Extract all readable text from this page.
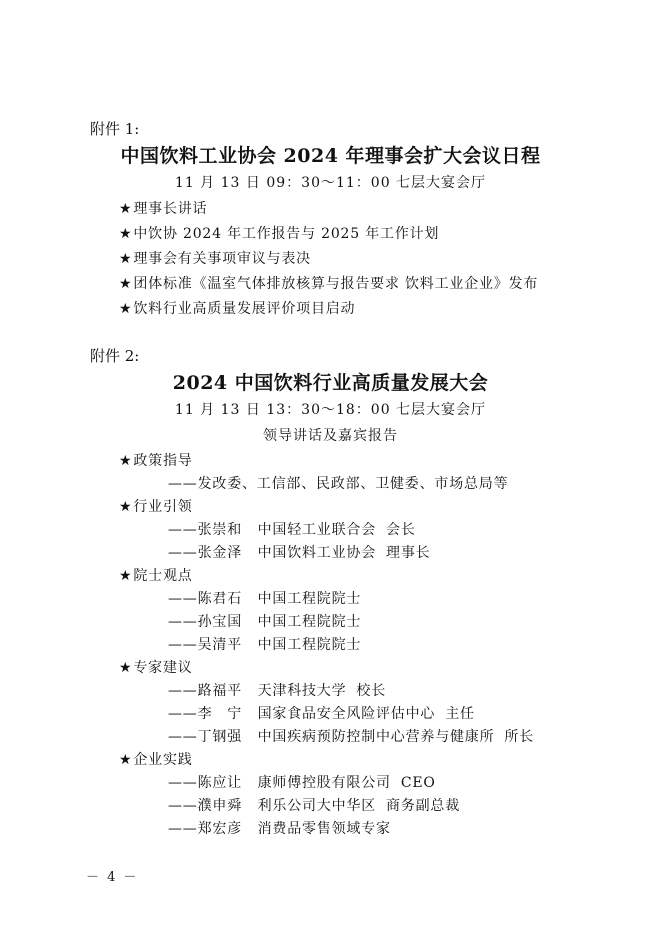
附件 1:
中国饮料工业协会 2024 年理事会扩大会议日程
11 月 13 日 09：30～11：00 七层大宴会厅
★理事长讲话
★中饮协 2024 年工作报告与 2025 年工作计划
★理事会有关事项审议与表决
★团体标准《温室气体排放核算与报告要求 饮料工业企业》发布
★饮料行业高质量发展评价项目启动
附件 2:
2024 中国饮料行业高质量发展大会
11 月 13 日 13：30～18：00 七层大宴会厅
领导讲话及嘉宾报告
★政策指导
——发改委、工信部、民政部、卫健委、市场总局等
★行业引领
——张崇和 中国轻工业联合会 会长
——张金泽 中国饮料工业协会 理事长
★院士观点
——陈君石 中国工程院院士
——孙宝国 中国工程院院士
——吴清平 中国工程院院士
★专家建议
——路福平 天津科技大学 校长
——李　宁 国家食品安全风险评估中心 主任
——丁钢强 中国疾病预防控制中心营养与健康所 所长
★企业实践
——陈应让 康师傅控股有限公司 CEO
——濮申舜 利乐公司大中华区 商务副总裁
——郑宏彦 消费品零售领域专家
－ 4 －
